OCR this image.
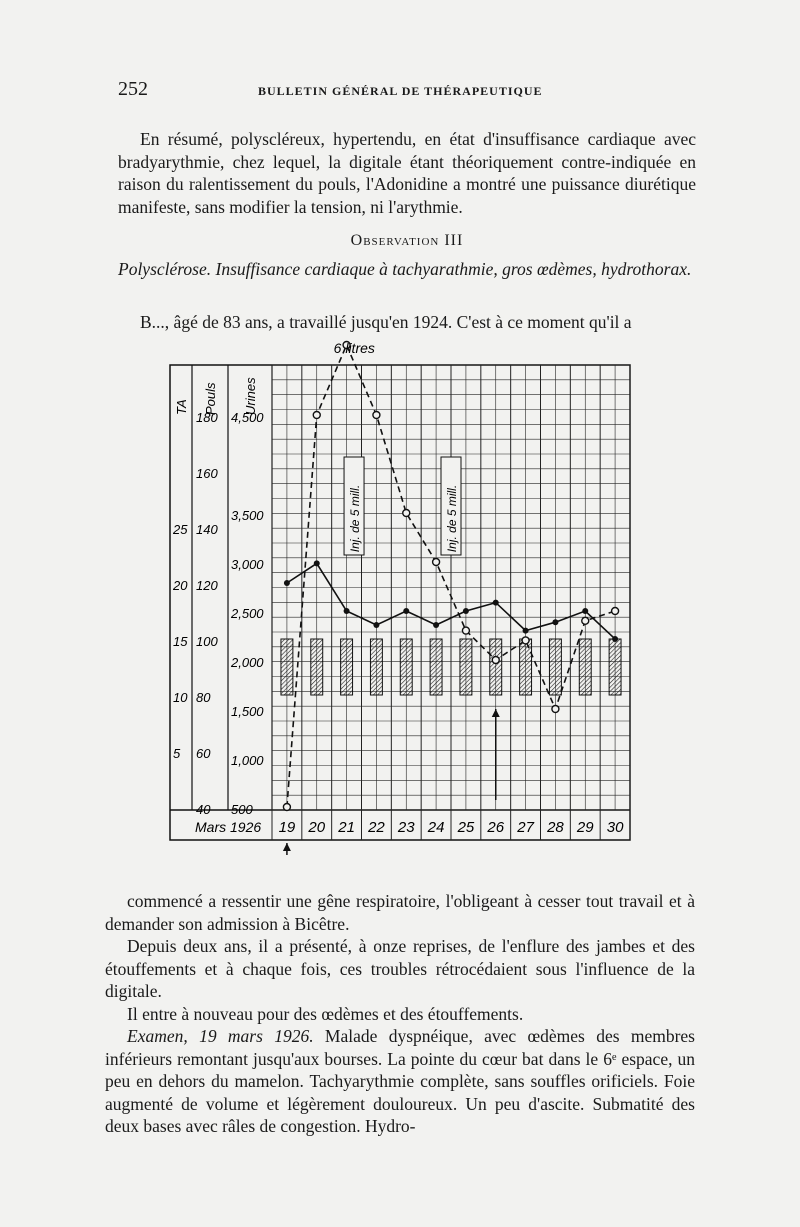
252	BULLETIN GÉNÉRAL DE THÉRAPEUTIQUE

En résumé, polyscléreux, hypertendu, en état d'insuffisance cardiaque avec bradyarythmie, chez lequel, la digitale étant théoriquement contre-indiquée en raison du ralentissement du pouls, l'Adonidine a montré une puissance diurétique manifeste, sans modifier la tension, ni l'arythmie.

Observation III
Polysclérose. Insuffisance cardiaque à tachyarathmie, gros œdèmes, hydrothorax.
B..., âgé de 83 ans, a travaillé jusqu'en 1924. C'est à ce moment qu'il a
180
160
140
120
100
80
60
40
4,500
3,500
3,000
2,500
2,000
1,500
1,000
500
25
20
15
10
5
TA Pouls Urines
Mars 1926 19 20 21 22 23 24 25 26 27 28 29 30
Inj. de 5 mill.	Inj. de 5 mill.
6 litres

commencé a ressentir une gêne respiratoire, l'obligeant à cesser tout travail et à demander son admission à Bicêtre.

Depuis deux ans, il a présenté, à onze reprises, de l'enflure des jambes et des étouffements et à chaque fois, ces troubles rétrocédaient sous l'influence de la digitale.

Il entre à nouveau pour des œdèmes et des étouffements.

Examen, 19 mars 1926. Malade dyspnéique, avec œdèmes des membres inférieurs remontant jusqu'aux bourses. La pointe du cœur bat dans le 6ᵉ espace, un peu en dehors du mamelon. Tachyarythmie complète, sans souffles orificiels. Foie augmenté de volume et légèrement douloureux. Un peu d'ascite. Submatité des deux bases avec râles de congestion. Hydro-
